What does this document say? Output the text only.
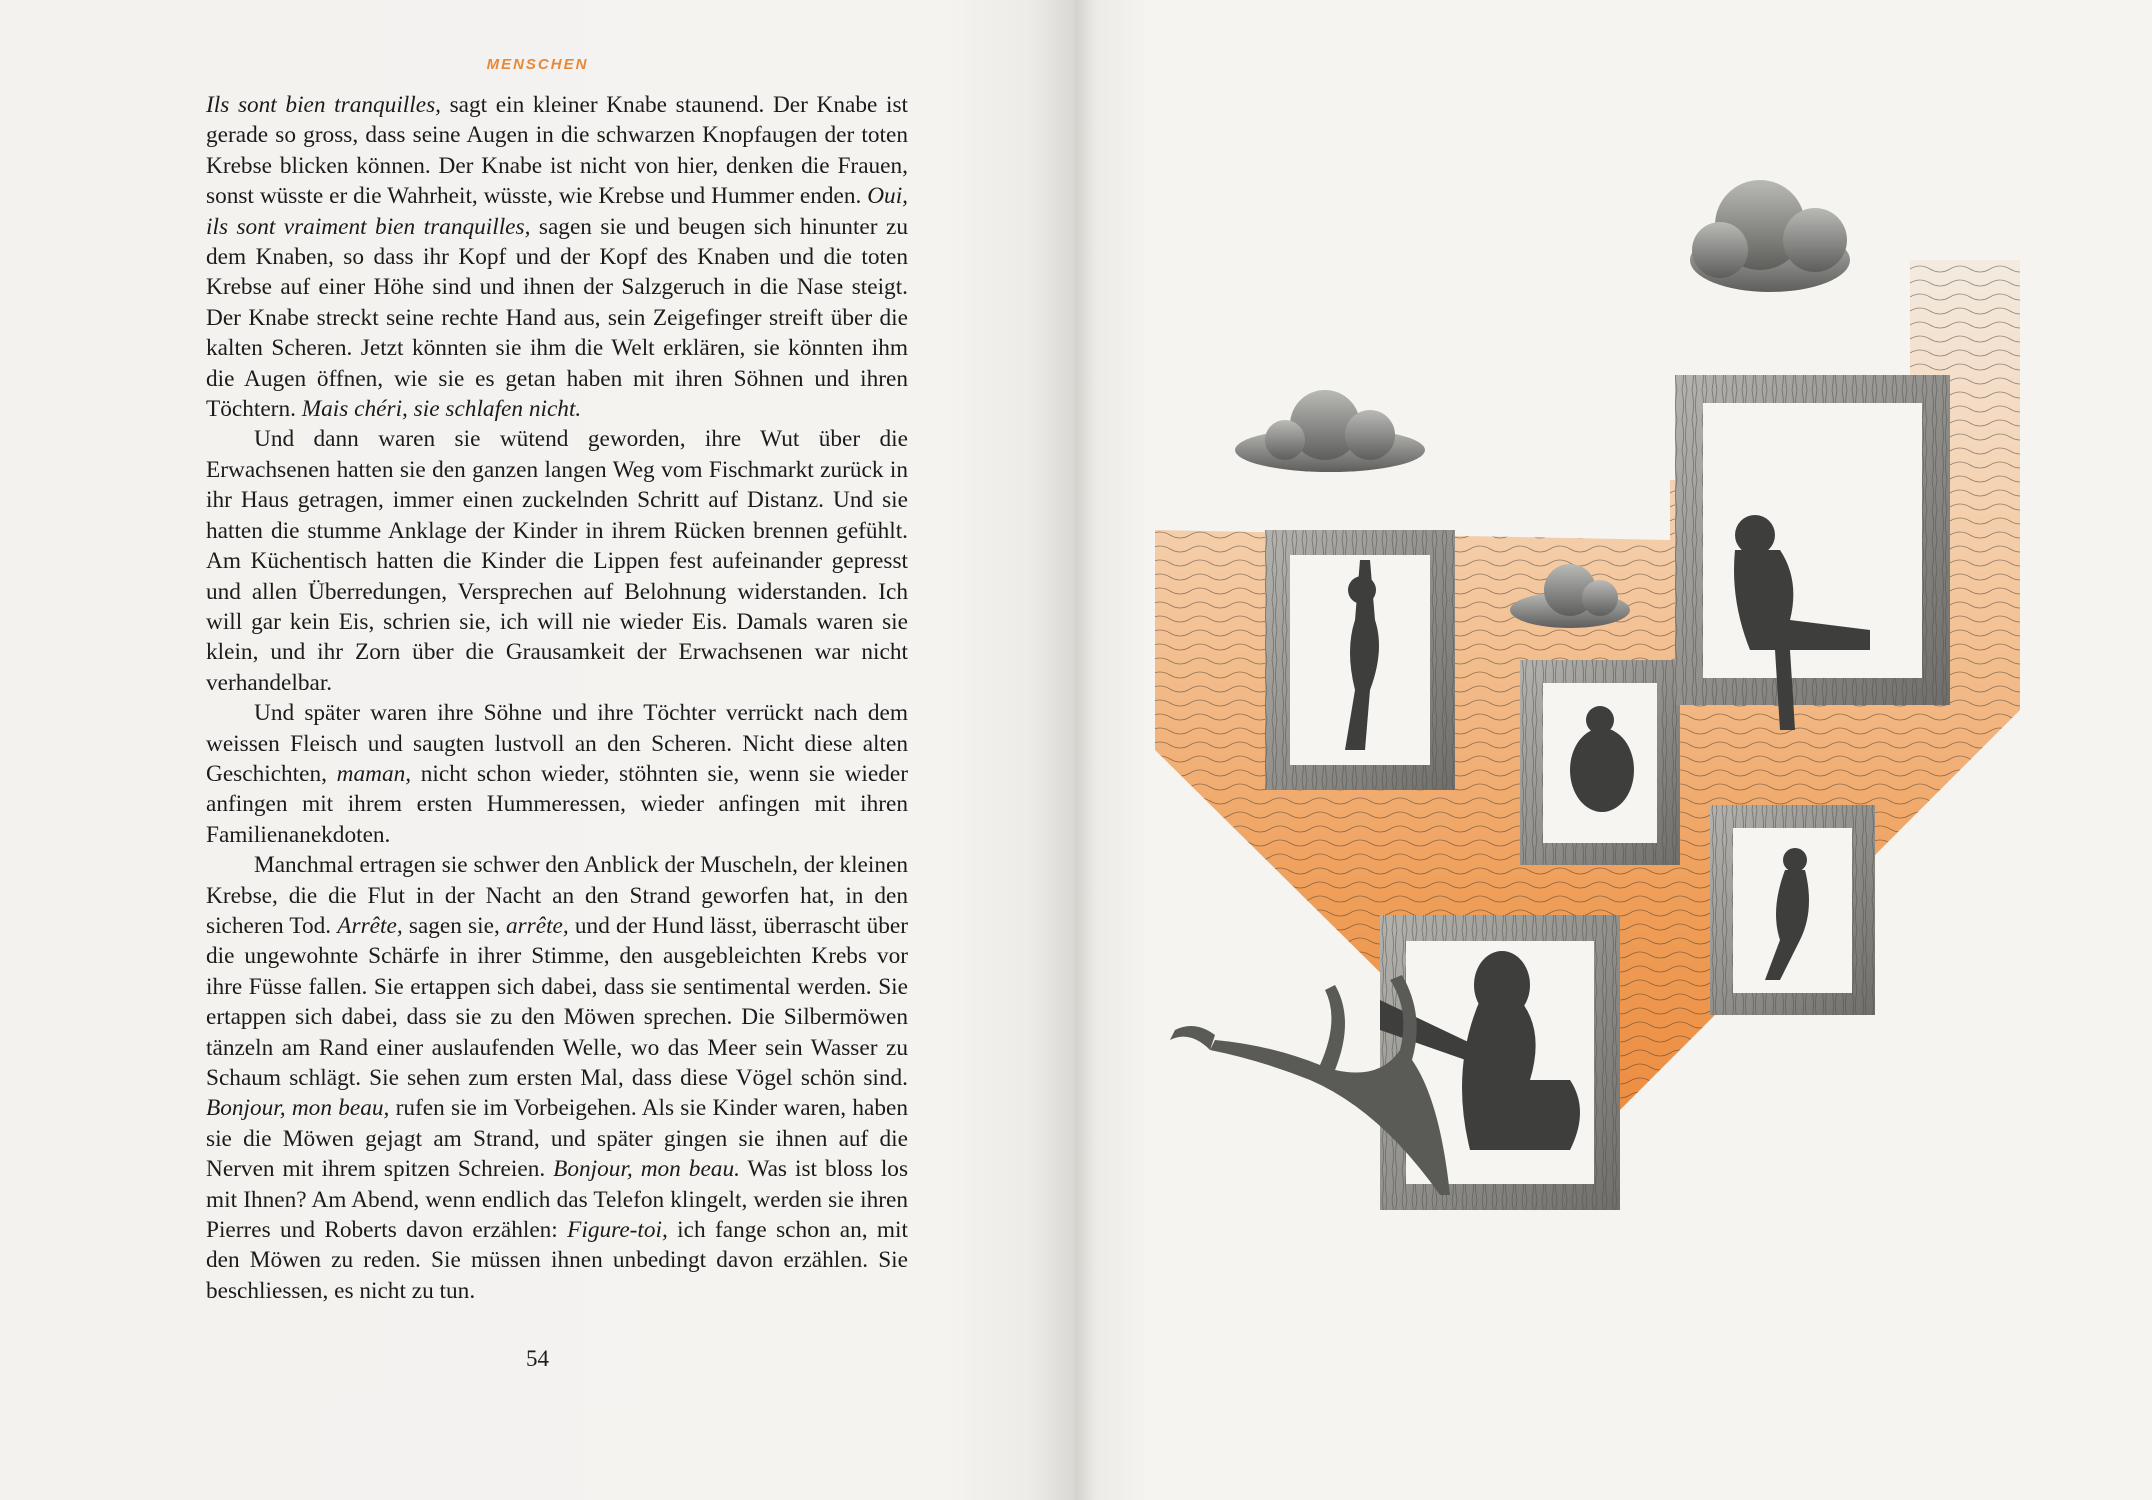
MENSCHEN

Ils sont bien tranquilles, sagt ein kleiner Knabe staunend. Der Knabe ist gerade so gross, dass seine Augen in die schwarzen Knopfaugen der toten Krebse blicken können. Der Knabe ist nicht von hier, denken die Frauen, sonst wüsste er die Wahrheit, wüsste, wie Krebse und Hummer enden. Oui, ils sont vraiment bien tranquilles, sagen sie und beugen sich hinunter zu dem Knaben, so dass ihr Kopf und der Kopf des Knaben und die toten Krebse auf einer Höhe sind und ihnen der Salzgeruch in die Nase steigt. Der Knabe streckt seine rechte Hand aus, sein Zeigefinger streift über die kalten Scheren. Jetzt könnten sie ihm die Welt erklären, sie könnten ihm die Augen öffnen, wie sie es getan haben mit ihren Söhnen und ihren Töchtern. Mais chéri, sie schlafen nicht.

Und dann waren sie wütend geworden, ihre Wut über die Erwachsenen hatten sie den ganzen langen Weg vom Fischmarkt zurück in ihr Haus getragen, immer einen zuckelnden Schritt auf Distanz. Und sie hatten die stumme Anklage der Kinder in ihrem Rücken brennen gefühlt. Am Küchentisch hatten die Kinder die Lippen fest aufeinander gepresst und allen Überredungen, Versprechen auf Belohnung widerstanden. Ich will gar kein Eis, schrien sie, ich will nie wieder Eis. Damals waren sie klein, und ihr Zorn über die Grausamkeit der Erwachsenen war nicht verhandelbar.

Und später waren ihre Söhne und ihre Töchter verrückt nach dem weissen Fleisch und saugten lustvoll an den Scheren. Nicht diese alten Geschichten, maman, nicht schon wieder, stöhnten sie, wenn sie wieder anfingen mit ihrem ersten Hummeressen, wieder anfingen mit ihren Familienanekdoten.

Manchmal ertragen sie schwer den Anblick der Muscheln, der kleinen Krebse, die die Flut in der Nacht an den Strand geworfen hat, in den sicheren Tod. Arrête, sagen sie, arrête, und der Hund lässt, überrascht über die ungewohnte Schärfe in ihrer Stimme, den ausgebleichten Krebs vor ihre Füsse fallen. Sie ertappen sich dabei, dass sie sentimental werden. Sie ertappen sich dabei, dass sie zu den Möwen sprechen. Die Silbermöwen tänzeln am Rand einer auslaufenden Welle, wo das Meer sein Wasser zu Schaum schlägt. Sie sehen zum ersten Mal, dass diese Vögel schön sind. Bonjour, mon beau, rufen sie im Vorbeigehen. Als sie Kinder waren, haben sie die Möwen gejagt am Strand, und später gingen sie ihnen auf die Nerven mit ihrem spitzen Schreien. Bonjour, mon beau. Was ist bloss los mit Ihnen? Am Abend, wenn endlich das Telefon klingelt, werden sie ihren Pierres und Roberts davon erzählen: Figure-toi, ich fange schon an, mit den Möwen zu reden. Sie müssen ihnen unbedingt davon erzählen. Sie beschliessen, es nicht zu tun.

54
